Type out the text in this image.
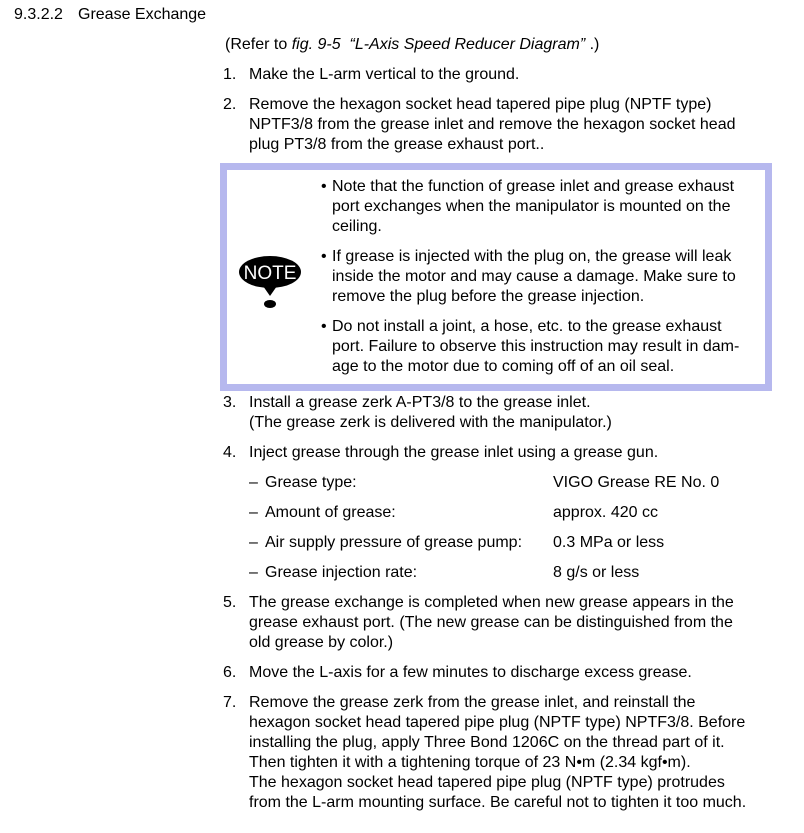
9.3.2.2 Grease Exchange
(Refer to fig. 9-5 “L-Axis Speed Reducer Diagram” .)
1. Make the L-arm vertical to the ground.
2. Remove the hexagon socket head tapered pipe plug (NPTF type)
NPTF3/8 from the grease inlet and remove the hexagon socket head
plug PT3/8 from the grease exhaust port..
NOTE
• Note that the function of grease inlet and grease exhaust
port exchanges when the manipulator is mounted on the
ceiling.
• If grease is injected with the plug on, the grease will leak
inside the motor and may cause a damage. Make sure to
remove the plug before the grease injection.
• Do not install a joint, a hose, etc. to the grease exhaust
port. Failure to observe this instruction may result in dam-
age to the motor due to coming off of an oil seal.
3. Install a grease zerk A-PT3/8 to the grease inlet.
(The grease zerk is delivered with the manipulator.)
4. Inject grease through the grease inlet using a grease gun.
– Grease type:	VIGO Grease RE No. 0
– Amount of grease:	approx. 420 cc
– Air supply pressure of grease pump: 0.3 MPa or less
– Grease injection rate:	8 g/s or less
5. The grease exchange is completed when new grease appears in the
grease exhaust port. (The new grease can be distinguished from the
old grease by color.)
6. Move the L-axis for a few minutes to discharge excess grease.
7. Remove the grease zerk from the grease inlet, and reinstall the
hexagon socket head tapered pipe plug (NPTF type) NPTF3/8. Before
installing the plug, apply Three Bond 1206C on the thread part of it.
Then tighten it with a tightening torque of 23 N•m (2.34 kgf•m).
The hexagon socket head tapered pipe plug (NPTF type) protrudes
from the L-arm mounting surface. Be careful not to tighten it too much.
